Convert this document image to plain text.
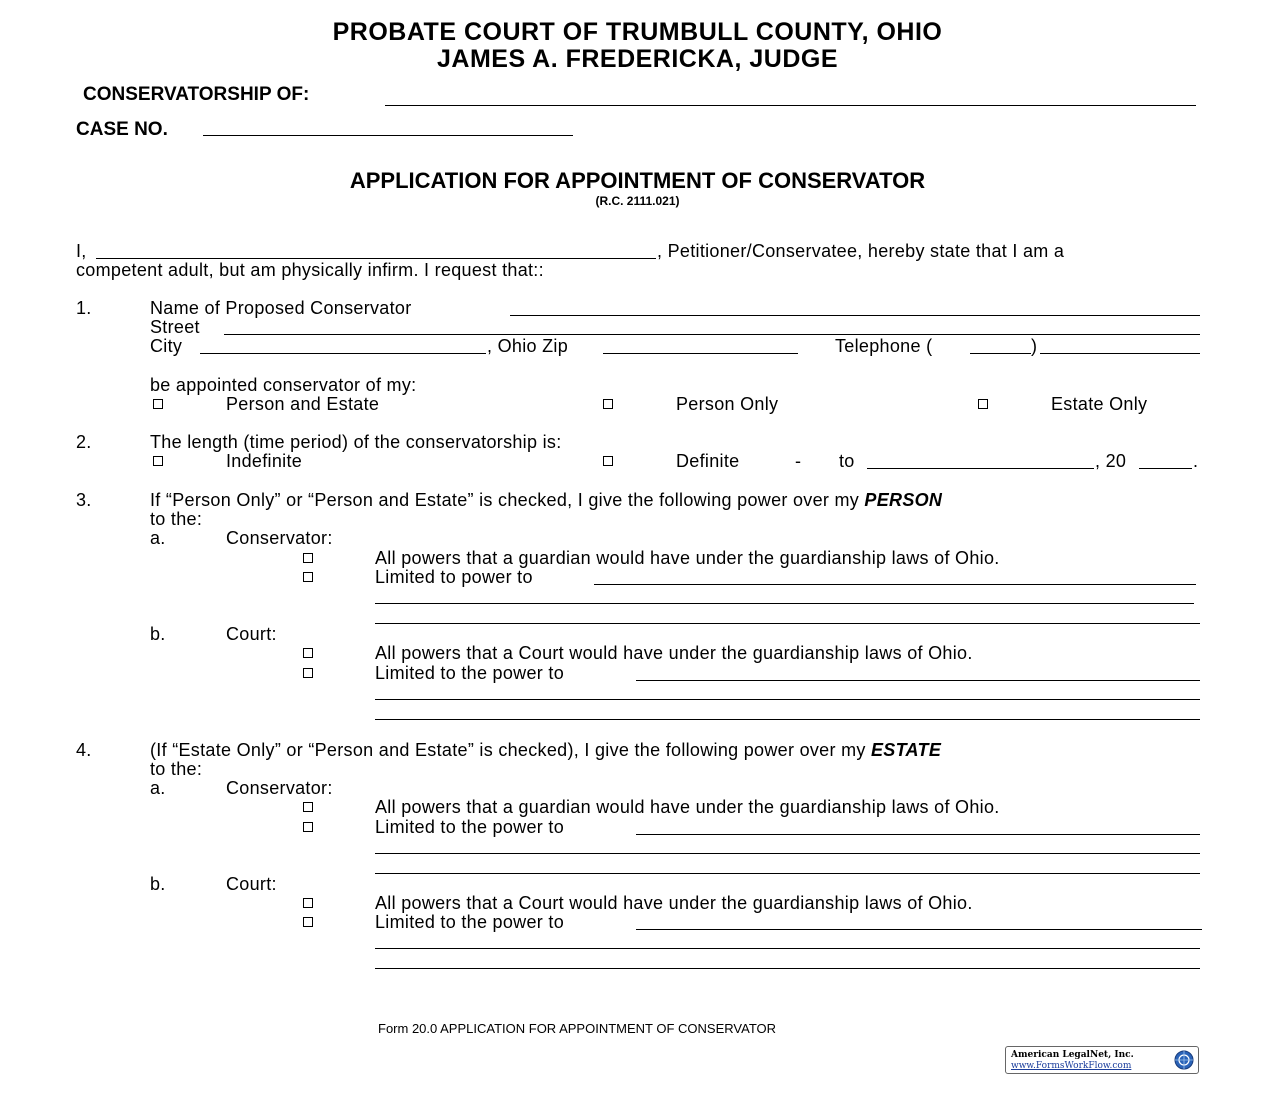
PROBATE COURT OF TRUMBULL COUNTY, OHIO
JAMES A. FREDERICKA, JUDGE
CONSERVATORSHIP OF:
CASE NO.
APPLICATION FOR APPOINTMENT OF CONSERVATOR
(R.C. 2111.021)
I,	, Petitioner/Conservatee, hereby state that I am a
competent adult, but am physically infirm. I request that::
1.	Name of Proposed Conservator
Street
City	, Ohio Zip	Telephone (	)
be appointed conservator of my:
Person and Estate	Person Only	Estate Only
2.	The length (time period) of the conservatorship is:
Indefinite	Definite	- to	, 20	.
3.	If “Person Only” or “Person and Estate” is checked, I give the following power over my PERSON
to the:
a.	Conservator:
All powers that a guardian would have under the guardianship laws of Ohio.
Limited to power to
b.	Court:
All powers that a Court would have under the guardianship laws of Ohio.
Limited to the power to
4.	(If “Estate Only” or “Person and Estate” is checked), I give the following power over my ESTATE
to the:
a.	Conservator:
All powers that a guardian would have under the guardianship laws of Ohio.
Limited to the power to
b.	Court:
All powers that a Court would have under the guardianship laws of Ohio.
Limited to the power to
Form 20.0 APPLICATION FOR APPOINTMENT OF CONSERVATOR
American LegalNet, Inc.
www.FormsWorkFlow.com
